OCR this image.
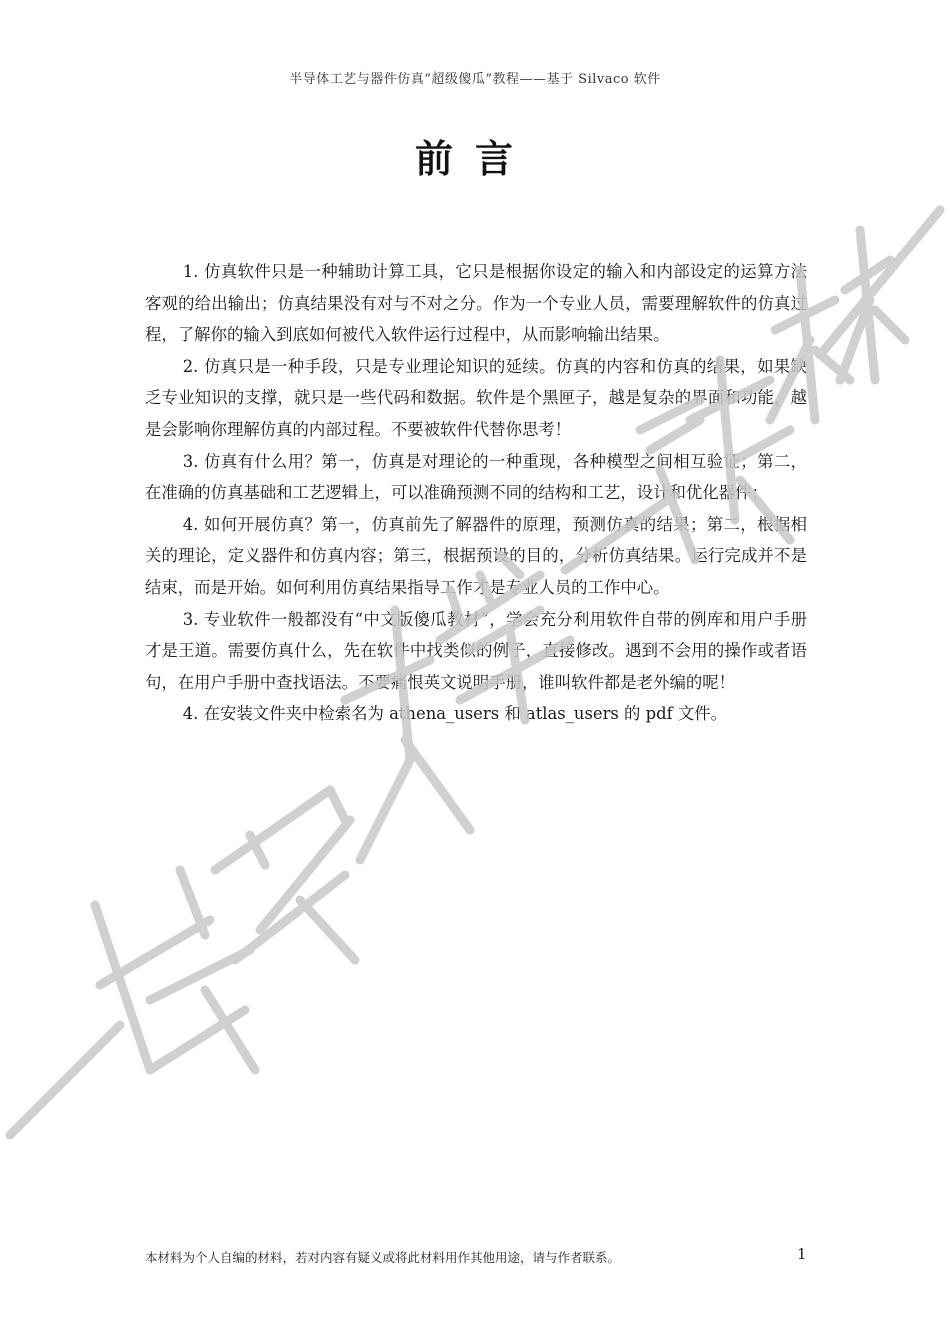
半导体工艺与器件仿真“超级傻瓜”教程——基于 Silvaco 软件
前言

1. 仿真软件只是一种辅助计算工具，它只是根据你设定的输入和内部设定的运算方法客观的给出输出；仿真结果没有对与不对之分。作为一个专业人员，需要理解软件的仿真过程，了解你的输入到底如何被代入软件运行过程中，从而影响输出结果。

2. 仿真只是一种手段，只是专业理论知识的延续。仿真的内容和仿真的结果，如果缺乏专业知识的支撑，就只是一些代码和数据。软件是个黑匣子，越是复杂的界面和功能，越是会影响你理解仿真的内部过程。不要被软件代替你思考！

3. 仿真有什么用？第一，仿真是对理论的一种重现，各种模型之间相互验证；第二，在准确的仿真基础和工艺逻辑上，可以准确预测不同的结构和工艺，设计和优化器件；

4. 如何开展仿真？第一，仿真前先了解器件的原理，预测仿真的结果；第二，根据相关的理论，定义器件和仿真内容；第三，根据预设的目的，分析仿真结果。运行完成并不是结束，而是开始。如何利用仿真结果指导工作才是专业人员的工作中心。

3. 专业软件一般都没有“中文版傻瓜教材”，学会充分利用软件自带的例库和用户手册才是王道。需要仿真什么，先在软件中找类似的例子，直接修改。遇到不会用的操作或者语句，在用户手册中查找语法。不要痛恨英文说明手册，谁叫软件都是老外编的呢！

4. 在安装文件夹中检索名为 athena_users 和 atlas_users 的 pdf 文件。

本材料为个人自编的材料，若对内容有疑义或将此材料用作其他用途，请与作者联系。	1
